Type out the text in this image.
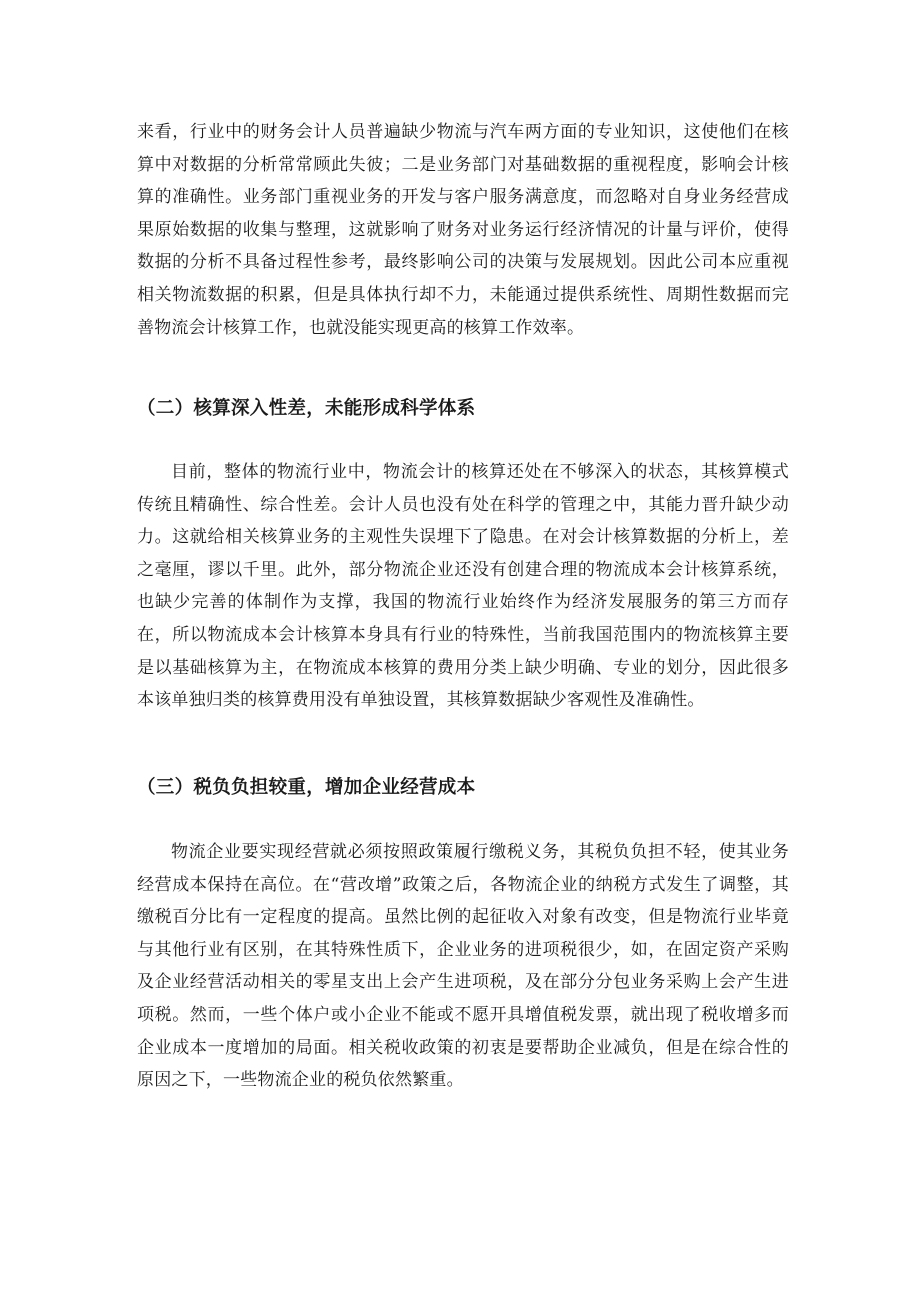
来看，行业中的财务会计人员普遍缺少物流与汽车两方面的专业知识，这使他们在核算中对数据的分析常常顾此失彼；二是业务部门对基础数据的重视程度，影响会计核算的准确性。业务部门重视业务的开发与客户服务满意度，而忽略对自身业务经营成果原始数据的收集与整理，这就影响了财务对业务运行经济情况的计量与评价，使得数据的分析不具备过程性参考，最终影响公司的决策与发展规划。因此公司本应重视相关物流数据的积累，但是具体执行却不力，未能通过提供系统性、周期性数据而完善物流会计核算工作，也就没能实现更高的核算工作效率。

（二）核算深入性差，未能形成科学体系

目前，整体的物流行业中，物流会计的核算还处在不够深入的状态，其核算模式传统且精确性、综合性差。会计人员也没有处在科学的管理之中，其能力晋升缺少动力。这就给相关核算业务的主观性失误埋下了隐患。在对会计核算数据的分析上，差之毫厘，谬以千里。此外，部分物流企业还没有创建合理的物流成本会计核算系统，也缺少完善的体制作为支撑，我国的物流行业始终作为经济发展服务的第三方而存在，所以物流成本会计核算本身具有行业的特殊性，当前我国范围内的物流核算主要是以基础核算为主，在物流成本核算的费用分类上缺少明确、专业的划分，因此很多本该单独归类的核算费用没有单独设置，其核算数据缺少客观性及准确性。

（三）税负负担较重，增加企业经营成本

物流企业要实现经营就必须按照政策履行缴税义务，其税负负担不轻，使其业务经营成本保持在高位。在“营改增”政策之后，各物流企业的纳税方式发生了调整，其缴税百分比有一定程度的提高。虽然比例的起征收入对象有改变，但是物流行业毕竟与其他行业有区别，在其特殊性质下，企业业务的进项税很少，如，在固定资产采购及企业经营活动相关的零星支出上会产生进项税，及在部分分包业务采购上会产生进项税。然而，一些个体户或小企业不能或不愿开具增值税发票，就出现了税收增多而企业成本一度增加的局面。相关税收政策的初衷是要帮助企业减负，但是在综合性的原因之下，一些物流企业的税负依然繁重。
